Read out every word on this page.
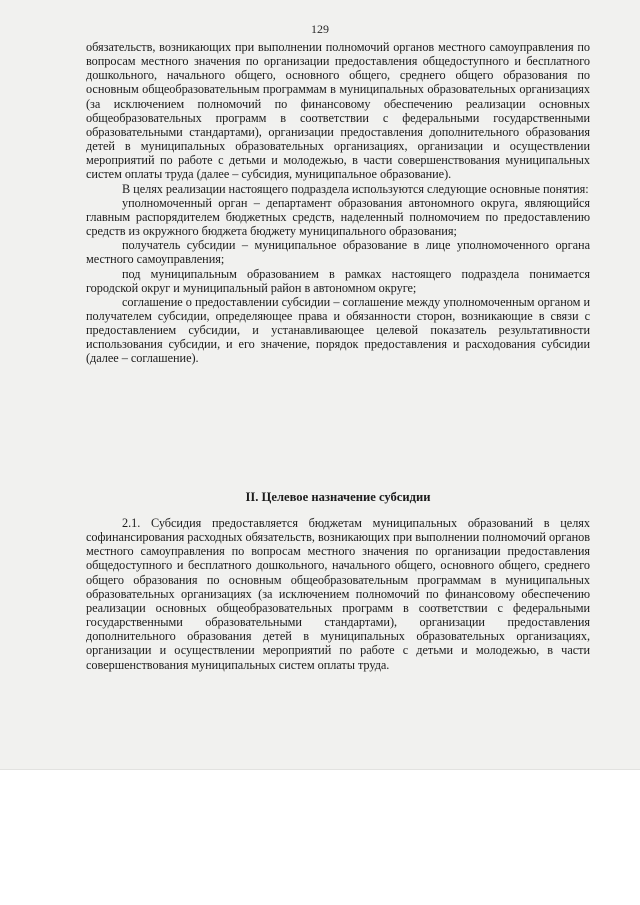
129

обязательств, возникающих при выполнении полномочий органов местного самоуправления по вопросам местного значения по организации предоставления общедоступного и бесплатного дошкольного, начального общего, основного общего, среднего общего образования по основным общеобразовательным программам в муниципальных образовательных организациях (за исключением полномочий по финансовому обеспечению реализации основных общеобразовательных программ в соответствии с федеральными государственными образовательными стандартами), организации предоставления дополнительного образования детей в муниципальных образовательных организациях, организации и осуществлении мероприятий по работе с детьми и молодежью, в части совершенствования муниципальных систем оплаты труда (далее – субсидия, муниципальное образование).

В целях реализации настоящего подраздела используются следующие основные понятия:

уполномоченный орган – департамент образования автономного округа, являющийся главным распорядителем бюджетных средств, наделенный полномочием по предоставлению средств из окружного бюджета бюджету муниципального образования;

получатель субсидии – муниципальное образование в лице уполномоченного органа местного самоуправления;

под муниципальным образованием в рамках настоящего подраздела понимается городской округ и муниципальный район в автономном округе;

соглашение о предоставлении субсидии – соглашение между уполномоченным органом и получателем субсидии, определяющее права и обязанности сторон, возникающие в связи с предоставлением субсидии, и устанавливающее целевой показатель результативности использования субсидии, и его значение, порядок предоставления и расходования субсидии (далее – соглашение).

II. Целевое назначение субсидии

2.1. Субсидия предоставляется бюджетам муниципальных образований в целях софинансирования расходных обязательств, возникающих при выполнении полномочий органов местного самоуправления по вопросам местного значения по организации предоставления общедоступного и бесплатного дошкольного, начального общего, основного общего, среднего общего образования по основным общеобразовательным программам в муниципальных образовательных организациях (за исключением полномочий по финансовому обеспечению реализации основных общеобразовательных программ в соответствии с федеральными государственными образовательными стандартами), организации предоставления дополнительного образования детей в муниципальных образовательных организациях, организации и осуществлении мероприятий по работе с детьми и молодежью, в части совершенствования муниципальных систем оплаты труда.
